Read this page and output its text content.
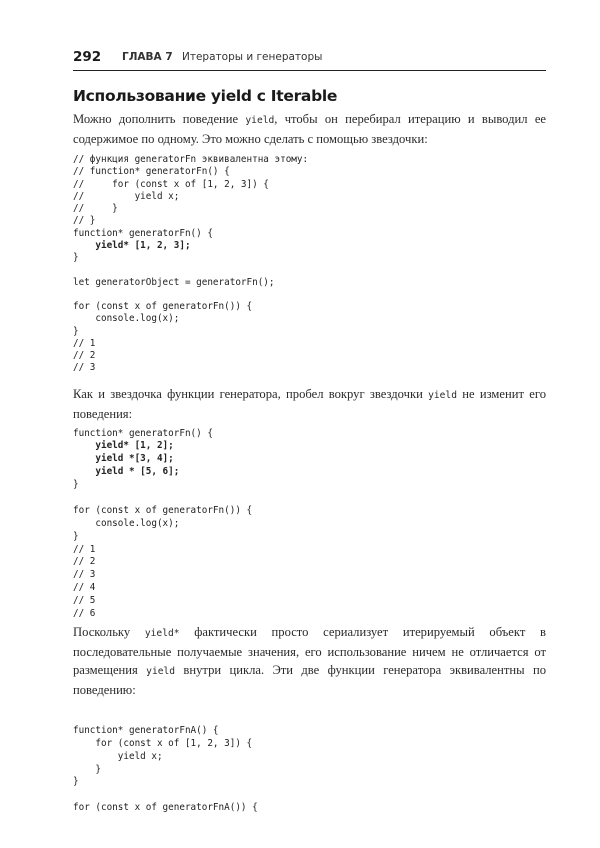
292 ГЛАВА 7 Итераторы и генераторы
Использование yield с Iterable

Можно дополнить поведение yield, чтобы он перебирал итерацию и выводил ее содержимое по одному. Это можно сделать с помощью звездочки:

// функция generatorFn эквивалентна этому:
// function* generatorFn() {
//     for (const x of [1, 2, 3]) {
//         yield x;
//     }
// }
function* generatorFn() {
yield* [1, 2, 3];
}
let generatorObject = generatorFn();
for (const x of generatorFn()) {
console.log(x);
}
// 1
// 2
// 3

Как и звездочка функции генератора, пробел вокруг звездочки yield не изменит его поведения:

function* generatorFn() {
yield* [1, 2];
yield *[3, 4];
yield * [5, 6];
}
for (const x of generatorFn()) {
console.log(x);
}
// 1
// 2
// 3
// 4
// 5
// 6

Поскольку yield* фактически просто сериализует итерируемый объект в последовательные получаемые значения, его использование ничем не отличается от размещения yield внутри цикла. Эти две функции генератора эквивалентны по поведению:

function* generatorFnA() {
for (const x of [1, 2, 3]) {
yield x;
}
}
for (const x of generatorFnA()) {
